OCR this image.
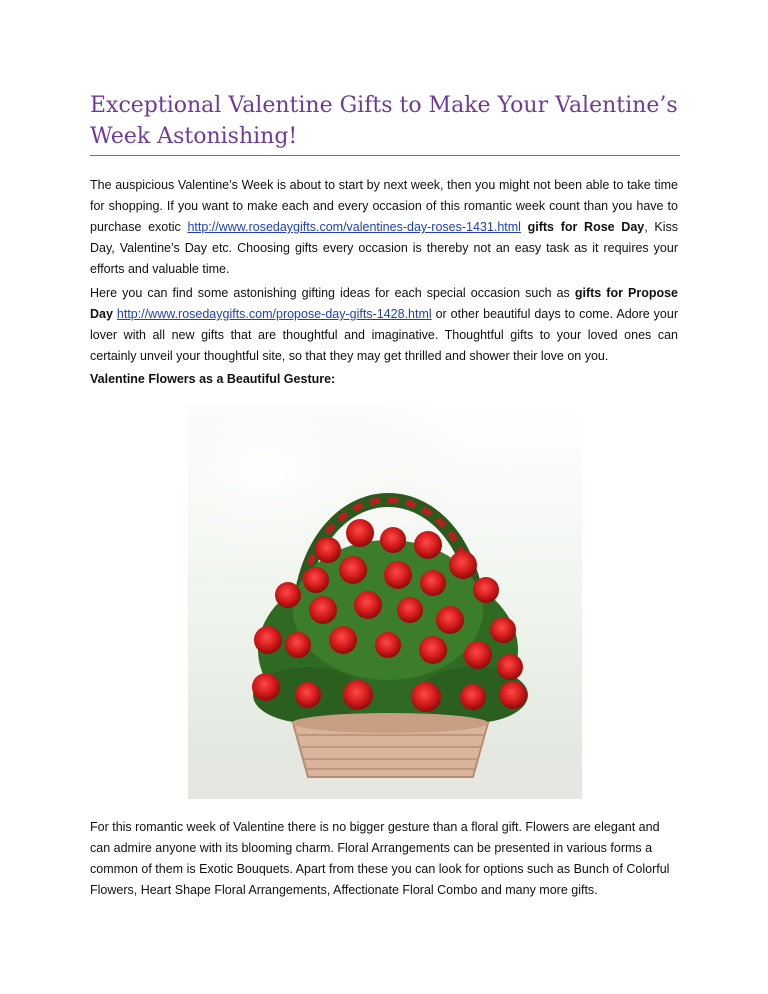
Exceptional Valentine Gifts to Make Your Valentine’s Week Astonishing!

The auspicious Valentine’s Week is about to start by next week, then you might not been able to take time for shopping. If you want to make each and every occasion of this romantic week count than you have to purchase exotic http://www.rosedaygifts.com/valentines-day-roses-1431.html gifts for Rose Day, Kiss Day, Valentine’s Day etc. Choosing gifts every occasion is thereby not an easy task as it requires your efforts and valuable time.

Here you can find some astonishing gifting ideas for each special occasion such as gifts for Propose Day http://www.rosedaygifts.com/propose-day-gifts-1428.html or other beautiful days to come. Adore your lover with all new gifts that are thoughtful and imaginative. Thoughtful gifts to your loved ones can certainly unveil your thoughtful site, so that they may get thrilled and shower their love on you.

Valentine Flowers as a Beautiful Gesture:

For this romantic week of Valentine there is no bigger gesture than a floral gift. Flowers are elegant and can admire anyone with its blooming charm. Floral Arrangements can be presented in various forms a common of them is Exotic Bouquets. Apart from these you can look for options such as Bunch of Colorful Flowers, Heart Shape Floral Arrangements, Affectionate Floral Combo and many more gifts.
